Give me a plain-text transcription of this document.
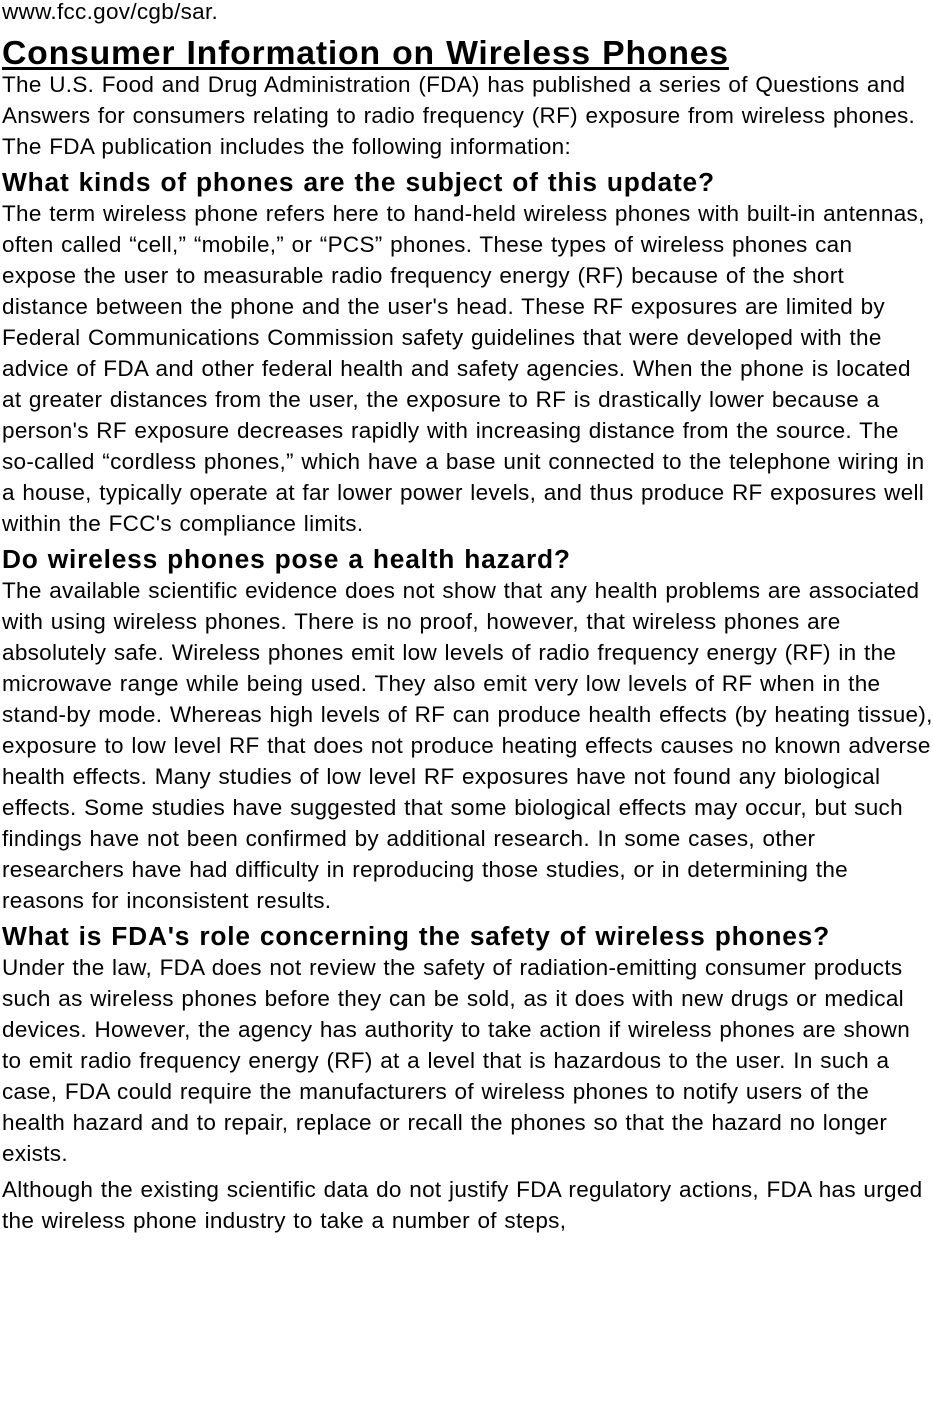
www.fcc.gov/cgb/sar.

Consumer Information on Wireless Phones

The U.S. Food and Drug Administration (FDA) has published a series of Questions and Answers for consumers relating to radio frequency (RF) exposure from wireless phones. The FDA publication includes the following information:

What kinds of phones are the subject of this update?

The term wireless phone refers here to hand-held wireless phones with built-in antennas, often called “cell,” “mobile,” or “PCS” phones. These types of wireless phones can expose the user to measurable radio frequency energy (RF) because of the short distance between the phone and the user's head. These RF exposures are limited by Federal Communications Commission safety guidelines that were developed with the advice of FDA and other federal health and safety agencies. When the phone is located at greater distances from the user, the exposure to RF is drastically lower because a person's RF exposure decreases rapidly with increasing distance from the source. The so-called “cordless phones,” which have a base unit connected to the telephone wiring in a house, typically operate at far lower power levels, and thus produce RF exposures well within the FCC's compliance limits.

Do wireless phones pose a health hazard?

The available scientific evidence does not show that any health problems are associated with using wireless phones. There is no proof, however, that wireless phones are absolutely safe. Wireless phones emit low levels of radio frequency energy (RF) in the microwave range while being used. They also emit very low levels of RF when in the stand-by mode. Whereas high levels of RF can produce health effects (by heating tissue), exposure to low level RF that does not produce heating effects causes no known adverse health effects. Many studies of low level RF exposures have not found any biological effects. Some studies have suggested that some biological effects may occur, but such findings have not been confirmed by additional research. In some cases, other researchers have had difficulty in reproducing those studies, or in determining the reasons for inconsistent results.

What is FDA's role concerning the safety of wireless phones?

Under the law, FDA does not review the safety of radiation-emitting consumer products such as wireless phones before they can be sold, as it does with new drugs or medical devices. However, the agency has authority to take action if wireless phones are shown to emit radio frequency energy (RF) at a level that is hazardous to the user. In such a case, FDA could require the manufacturers of wireless phones to notify users of the health hazard and to repair, replace or recall the phones so that the hazard no longer exists.

Although the existing scientific data do not justify FDA regulatory actions, FDA has urged the wireless phone industry to take a number of steps,
